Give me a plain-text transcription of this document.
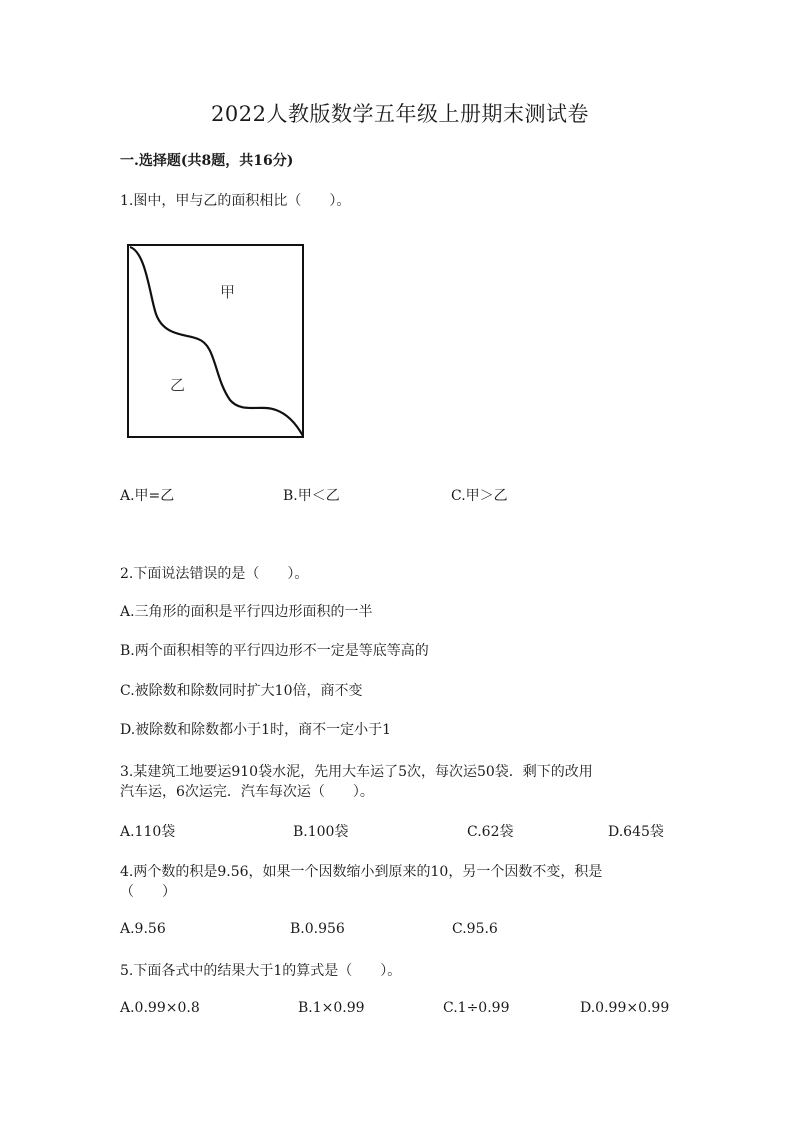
2022人教版数学五年级上册期末测试卷
一.选择题(共8题，共16分)
1.图中，甲与乙的面积相比（　　）。
甲
乙
A.甲=乙	B.甲＜乙	C.甲＞乙
2.下面说法错误的是（　　）。
A.三角形的面积是平行四边形面积的一半
B.两个面积相等的平行四边形不一定是等底等高的
C.被除数和除数同时扩大10倍，商不变
D.被除数和除数都小于1时，商不一定小于1
3.某建筑工地要运910袋水泥，先用大车运了5次，每次运50袋．剩下的改用
汽车运，6次运完．汽车每次运（　　）。
A.110袋	B.100袋	C.62袋	D.645袋
4.两个数的积是9.56，如果一个因数缩小到原来的10，另一个因数不变，积是
（　　）
A.9.56	B.0.956	C.95.6
5.下面各式中的结果大于1的算式是（　　）。
A.0.99×0.8	B.1×0.99	C.1÷0.99	D.0.99×0.99
